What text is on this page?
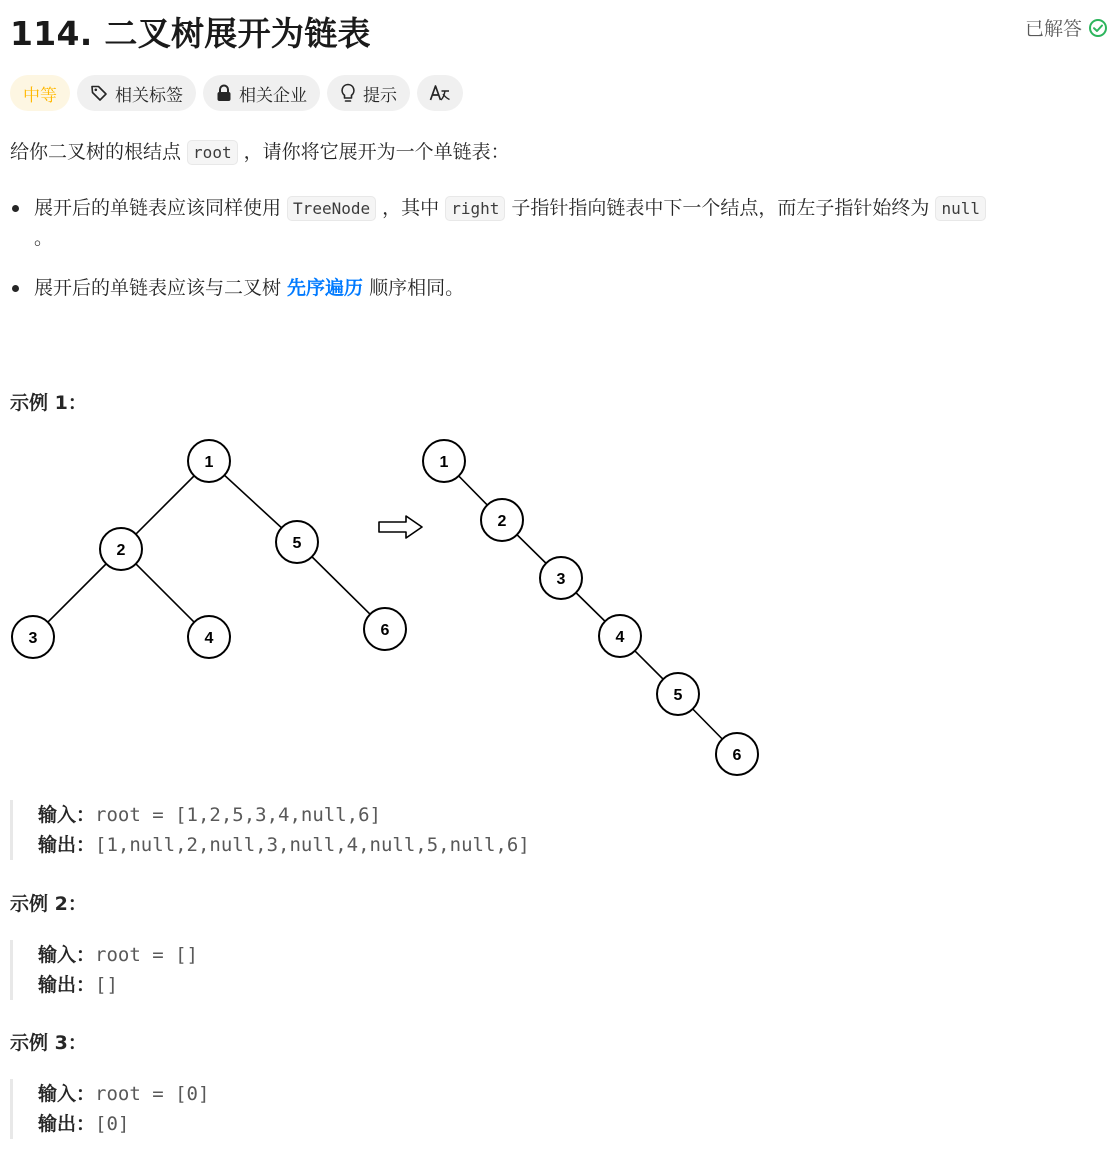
114. 二叉树展开为链表	已解答
中等	相关标签	相关企业	提示
给你二叉树的根结点 root ，请你将它展开为一个单链表：
展开后的单链表应该同样使用 TreeNode ，其中 right 子指针指向链表中下一个结点，而左子指针始终为 null
。
展开后的单链表应该与二叉树 先序遍历 顺序相同。
示例 1：
1
2	5
3	4	6
1
2
3
4
5
6
输入：root = [1,2,5,3,4,null,6]
输出：[1,null,2,null,3,null,4,null,5,null,6]
示例 2：
输入：root = []
输出：[]
示例 3：
输入：root = [0]
输出：[0]
